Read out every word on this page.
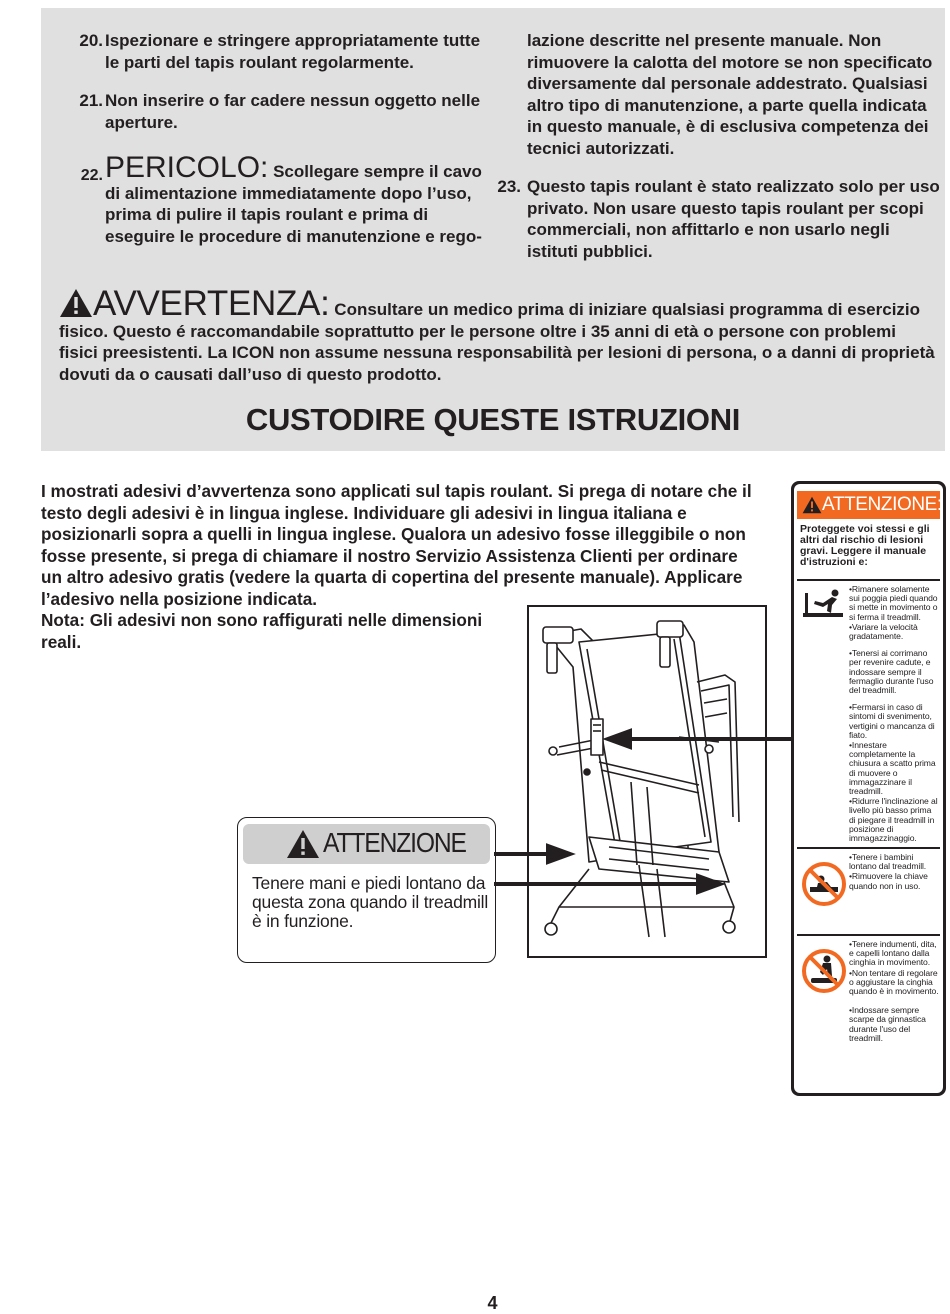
20. Ispezionare e stringere appropriatamente tutte le parti del tapis roulant regolarmente.

21. Non inserire o far cadere nessun oggetto nelle aperture.

22. PERICOLO: Scollegare sempre il cavo di alimentazione immediatamente dopo l’uso, prima di pulire il tapis roulant e prima di eseguire le procedure di manutenzione e rego-

lazione descritte nel presente manuale. Non rimuovere la calotta del motore se non specificato diversamente dal personale addestrato. Qualsiasi altro tipo di manutenzione, a parte quella indicata in questo manuale, è di esclusiva competenza dei tecnici autorizzati.

23. Questo tapis roulant è stato realizzato solo per uso privato. Non usare questo tapis roulant per scopi commerciali, non affittarlo e non usarlo negli istituti pubblici.

AVVERTENZA: Consultare un medico prima di iniziare qualsiasi programma di esercizio fisico. Questo é raccomandabile soprattutto per le persone oltre i 35 anni di età o persone con problemi fisici preesistenti. La ICON non assume nessuna responsabilità per lesioni di persona, o a danni di proprietà dovuti da o causati dall’uso di questo prodotto.

CUSTODIRE QUESTE ISTRUZIONI

I mostrati adesivi d’avvertenza sono applicati sul tapis roulant. Si prega di notare che il testo degli adesivi è in lingua inglese. Individuare gli adesivi in lingua italiana e posizionarli sopra a quelli in lingua inglese. Qualora un adesivo fosse illeggibile o non fosse presente, si prega di chiamare il nostro Servizio Assistenza Clienti per ordinare un altro adesivo gratis (vedere la quarta di copertina del presente manuale). Applicare l’adesivo nella posizione indicata.
Nota: Gli adesivi non sono raffigurati nelle dimensioni reali.

ATTENZIONE

Tenere mani e piedi lontano da questa zona quando il treadmill è in funzione.

ATTENZIONE:

Proteggete voi stessi e gli altri dal rischio di lesioni gravi. Leggere il manuale d'istruzioni e:

•Rimanere solamente sui poggia piedi quando si mette in movimento o si ferma il treadmill.
•Variare la velocità gradatamente.
•Tenersi ai corrimano per revenire cadute, e indossare sempre il fermaglio durante l'uso del treadmill.
•Fermarsi in caso di sintomi di svenimento, vertigini o mancanza di fiato.
•Innestare completamente la chiusura a scatto prima di muovere o immagazzinare il treadmill.
•Ridurre l'inclinazione al livello più basso prima di piegare il treadmill in posizione di immagazzinaggio.

•Tenere i bambini lontano dal treadmill.
•Rimuovere la chiave quando non in uso.

•Tenere indumenti, dita, e capelli lontano dalla cinghia in movimento.
•Non tentare di regolare o aggiustare la cinghia quando è in movimento.
•Indossare sempre scarpe da ginnastica durante l'uso del treadmill.

4
